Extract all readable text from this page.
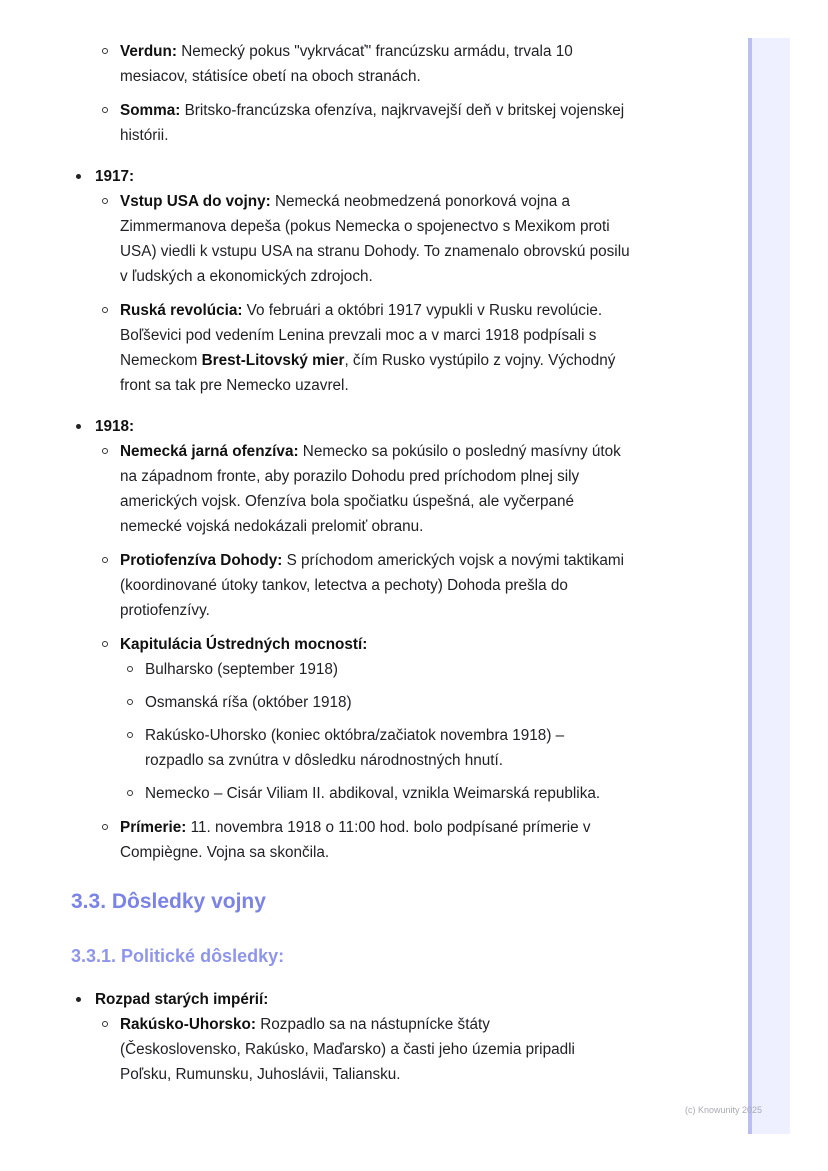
Verdun: Nemecký pokus "vykrvácať" francúzsku armádu, trvala 10 mesiacov, státisíce obetí na oboch stranách.

Somma: Britsko-francúzska ofenzíva, najkrvavejší deň v britskej vojenskej histórii.

1917:

Vstup USA do vojny: Nemecká neobmedzená ponorková vojna a Zimmermanova depeša (pokus Nemecka o spojenectvo s Mexikom proti USA) viedli k vstupu USA na stranu Dohody. To znamenalo obrovskú posilu v ľudských a ekonomických zdrojoch.

Ruská revolúcia: Vo februári a októbri 1917 vypukli v Rusku revolúcie. Boľševici pod vedením Lenina prevzali moc a v marci 1918 podpísali s Nemeckom Brest-Litovský mier, čím Rusko vystúpilo z vojny. Východný front sa tak pre Nemecko uzavrel.

1918:

Nemecká jarná ofenzíva: Nemecko sa pokúsilo o posledný masívny útok na západnom fronte, aby porazilo Dohodu pred príchodom plnej sily amerických vojsk. Ofenzíva bola spočiatku úspešná, ale vyčerpané nemecké vojská nedokázali prelomiť obranu.

Protiofenzíva Dohody: S príchodom amerických vojsk a novými taktikami (koordinované útoky tankov, letectva a pechoty) Dohoda prešla do protiofenzívy.

Kapitulácia Ústredných mocností:

Bulharsko (september 1918)

Osmanská ríša (október 1918)

Rakúsko-Uhorsko (koniec októbra/začiatok novembra 1918) – rozpadlo sa zvnútra v dôsledku národnostných hnutí.

Nemecko – Cisár Viliam II. abdikoval, vznikla Weimarská republika.

Prímerie: 11. novembra 1918 o 11:00 hod. bolo podpísané prímerie v Compiègne. Vojna sa skončila.

3.3. Dôsledky vojny
3.3.1. Politické dôsledky:

Rozpad starých impérií:

Rakúsko-Uhorsko: Rozpadlo sa na nástupnícke štáty (Československo, Rakúsko, Maďarsko) a časti jeho územia pripadli Poľsku, Rumunsku, Juhoslávii, Taliansku.

(c) Knowunity 2025
